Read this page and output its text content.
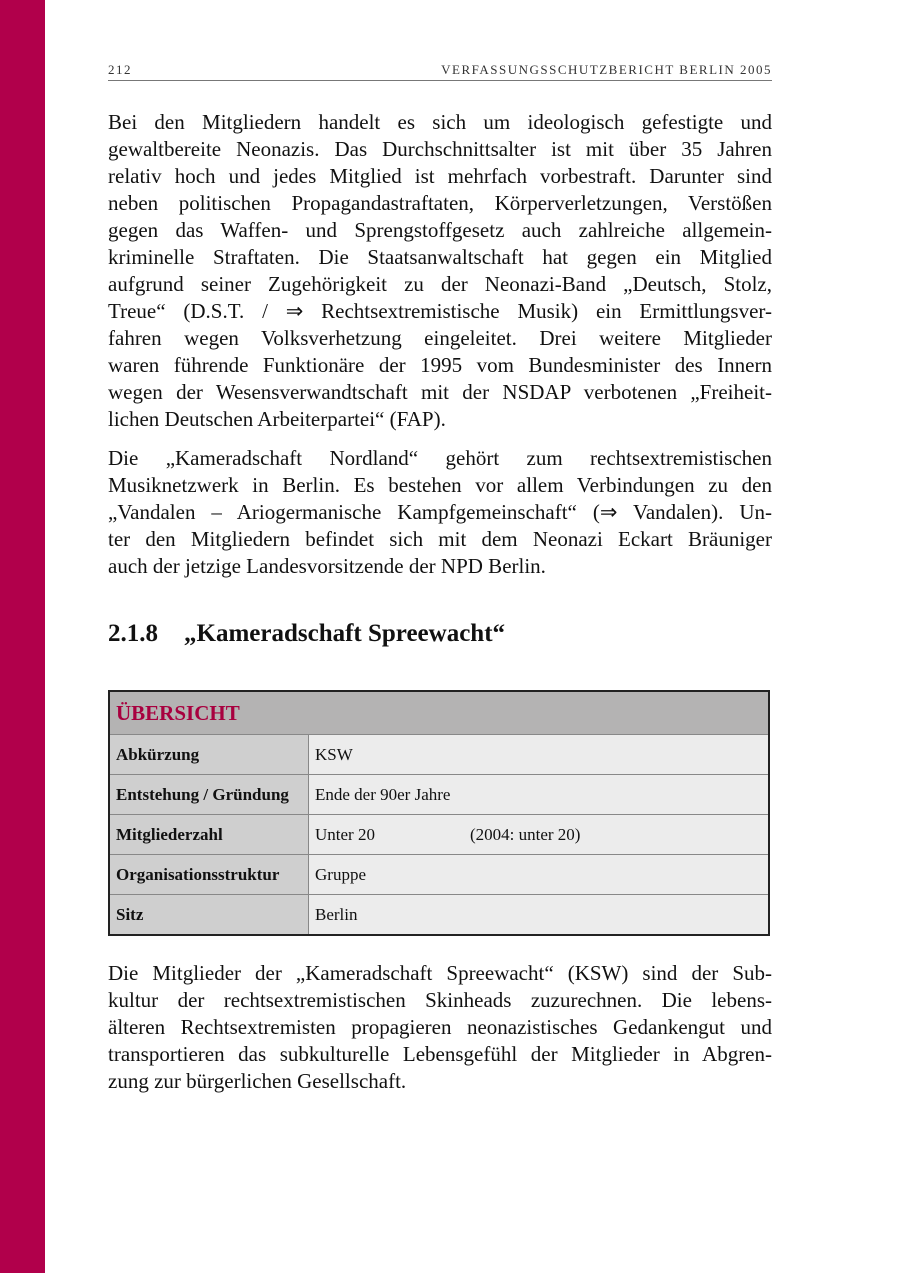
212	VERFASSUNGSSCHUTZBERICHT BERLIN 2005
Bei den Mitgliedern handelt es sich um ideologisch gefestigte und
gewaltbereite Neonazis. Das Durchschnittsalter ist mit über 35 Jahren
relativ hoch und jedes Mitglied ist mehrfach vorbestraft. Darunter sind
neben politischen Propagandastraftaten, Körperverletzungen, Verstößen
gegen das Waffen- und Sprengstoffgesetz auch zahlreiche allgemein-
kriminelle Straftaten. Die Staatsanwaltschaft hat gegen ein Mitglied
aufgrund seiner Zugehörigkeit zu der Neonazi-Band „Deutsch, Stolz,
Treue“ (D.S.T. / ⇒ Rechtsextremistische Musik) ein Ermittlungsver-
fahren wegen Volksverhetzung eingeleitet. Drei weitere Mitglieder
waren führende Funktionäre der 1995 vom Bundesminister des Innern
wegen der Wesensverwandtschaft mit der NSDAP verbotenen „Freiheit-
lichen Deutschen Arbeiterpartei“ (FAP).
Die „Kameradschaft Nordland“ gehört zum rechtsextremistischen
Musiknetzwerk in Berlin. Es bestehen vor allem Verbindungen zu den
„Vandalen – Ariogermanische Kampfgemeinschaft“ (⇒ Vandalen). Un-
ter den Mitgliedern befindet sich mit dem Neonazi Eckart Bräuniger
auch der jetzige Landesvorsitzende der NPD Berlin.
2.1.8 „Kameradschaft Spreewacht“
ÜBERSICHT	
Abkürzung	KSW
Entstehung / Gründung	Ende der 90er Jahre
Mitgliederzahl	Unter 20 (2004: unter 20)
Organisationsstruktur	Gruppe
Sitz	Berlin
Die Mitglieder der „Kameradschaft Spreewacht“ (KSW) sind der Sub-
kultur der rechtsextremistischen Skinheads zuzurechnen. Die lebens-
älteren Rechtsextremisten propagieren neonazistisches Gedankengut und
transportieren das subkulturelle Lebensgefühl der Mitglieder in Abgren-
zung zur bürgerlichen Gesellschaft.
